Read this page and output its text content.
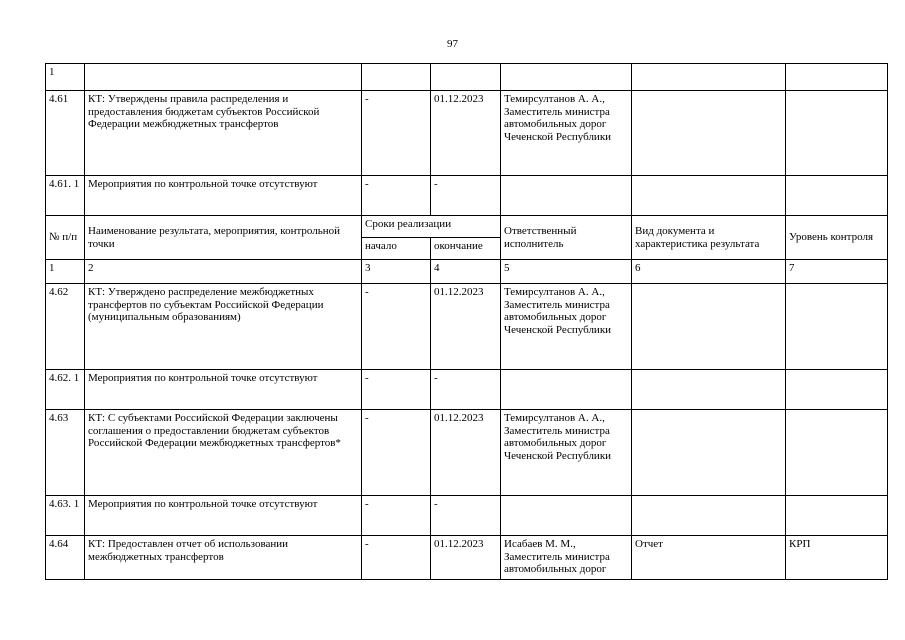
97
1						
4.61	КТ: Утверждены правила распределения и предоставления бюджетам субъектов Российской Федерации межбюджетных трансфертов	-	01.12.2023	Темирсултанов А. А., Заместитель министра автомобильных дорог Чеченской Республики		
4.61. 1	Мероприятия по контрольной точке отсутствуют	-	-			
№ п/п	Наименование результата, мероприятия, контрольной точки	Сроки реализации		Ответственный исполнитель	Вид документа и характеристика результата	Уровень контроля
		начало	окончание			
1	2	3	4	5	6	7
4.62	КТ: Утверждено распределение межбюджетных трансфертов по субъектам Российской Федерации (муниципальным образованиям)	-	01.12.2023	Темирсултанов А. А., Заместитель министра автомобильных дорог Чеченской Республики		
4.62. 1	Мероприятия по контрольной точке отсутствуют	-	-			
4.63	КТ: С субъектами Российской Федерации заключены соглашения о предоставлении бюджетам субъектов Российской Федерации межбюджетных трансфертов*	-	01.12.2023	Темирсултанов А. А., Заместитель министра автомобильных дорог Чеченской Республики		
4.63. 1	Мероприятия по контрольной точке отсутствуют	-	-			
4.64	КТ: Предоставлен отчет об использовании межбюджетных трансфертов	-	01.12.2023	Исабаев М. М., Заместитель министра автомобильных дорог	Отчет	КРП
